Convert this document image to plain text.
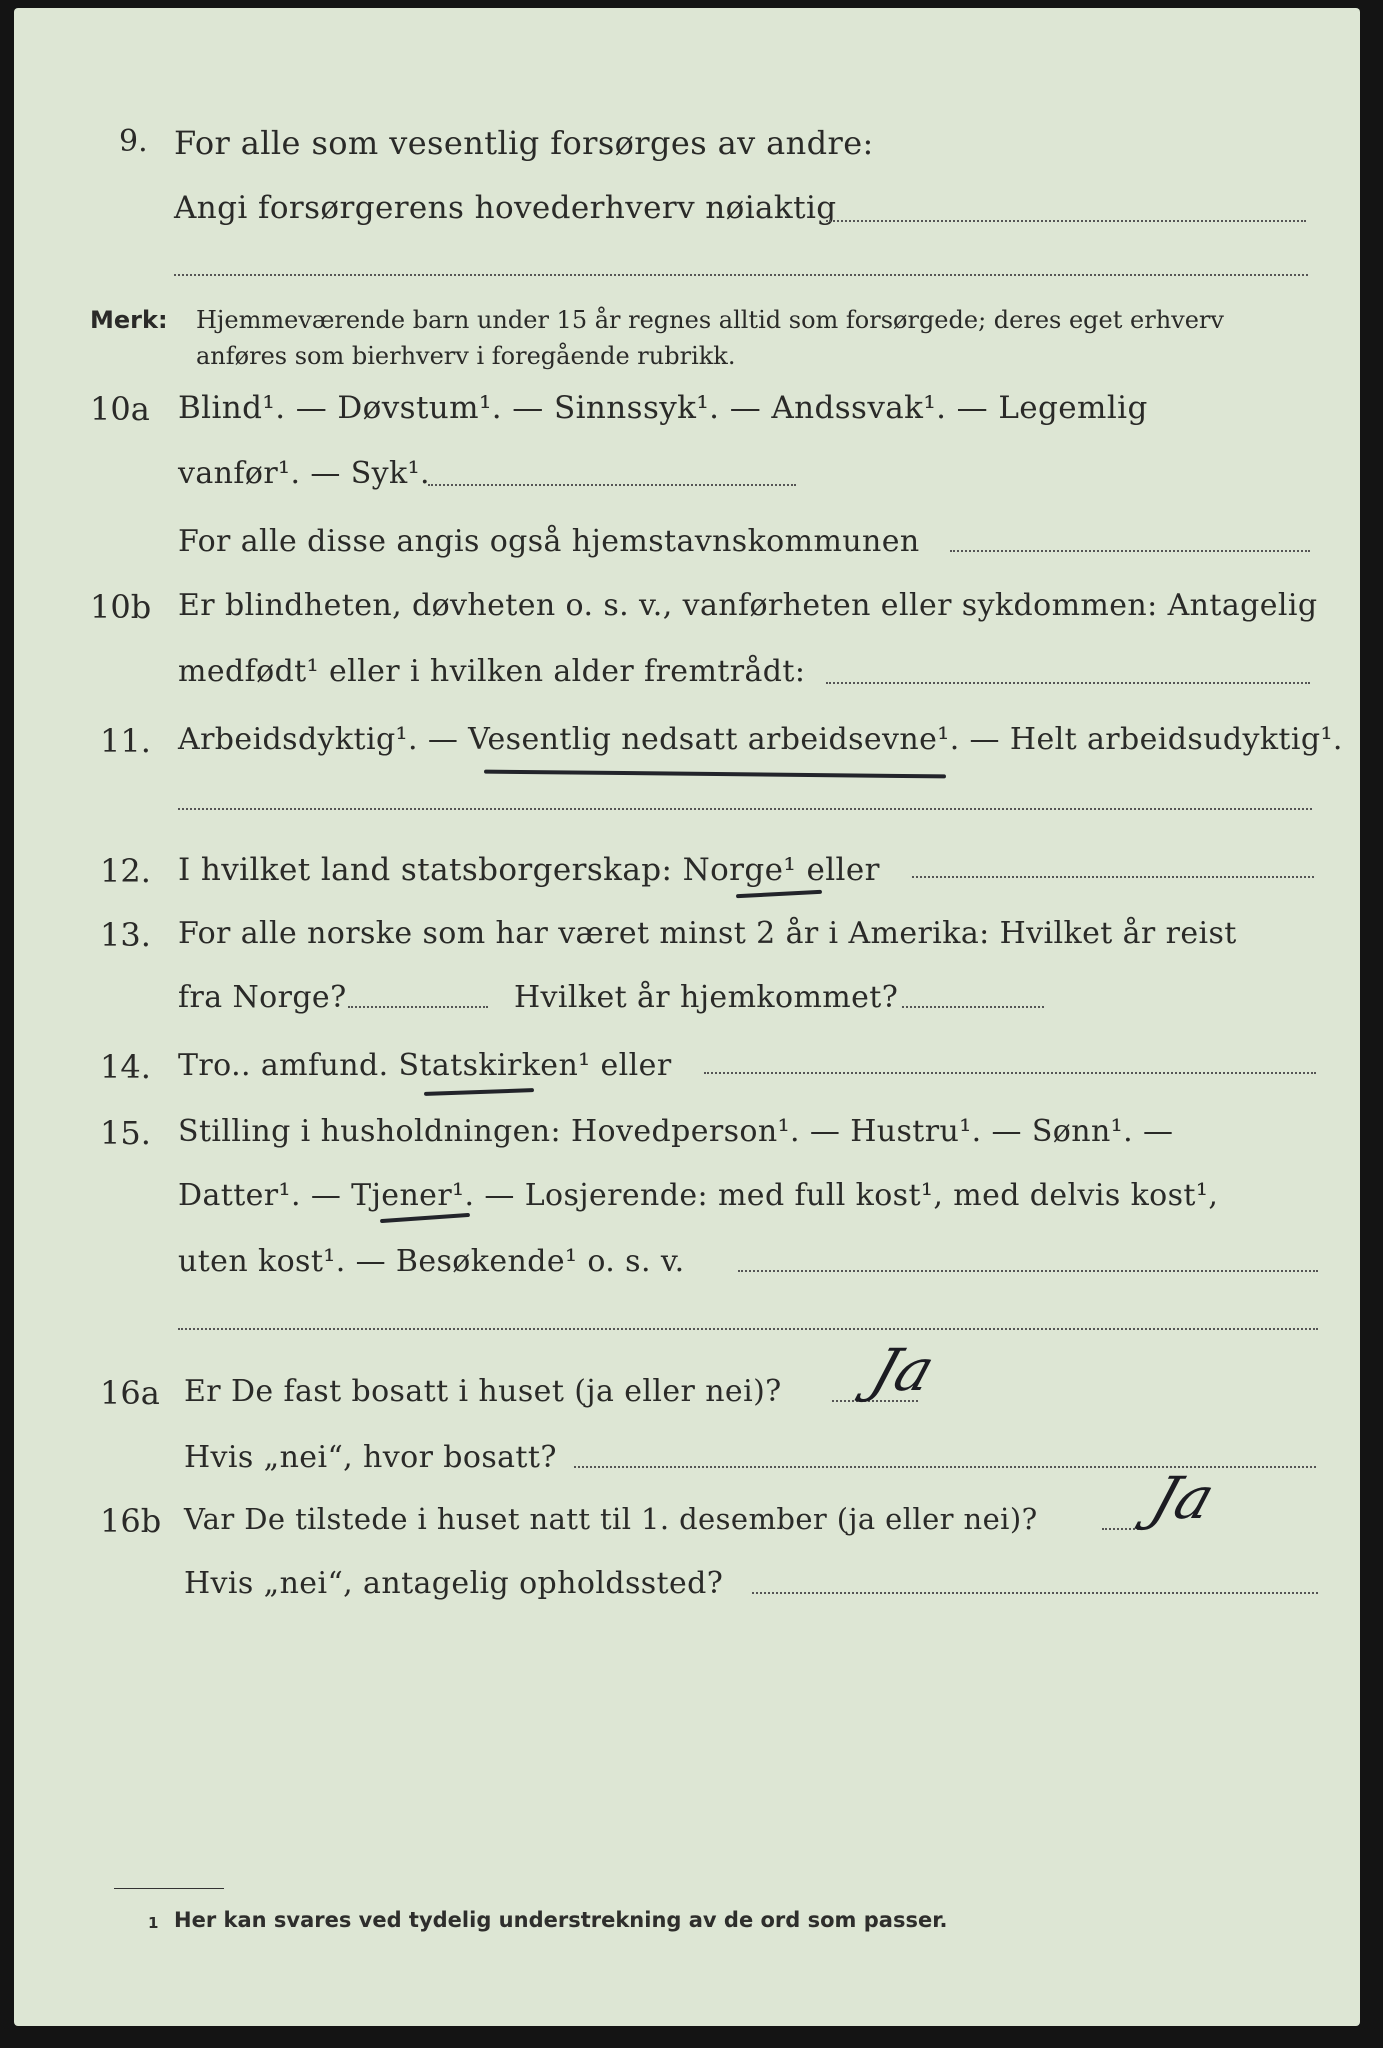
9. For alle som vesentlig forsørges av andre:
Angi forsørgerens hovederhverv nøiaktig
Merk: Hjemmeværende barn under 15 år regnes alltid som forsørgede; deres eget erhverv
anføres som bierhverv i foregående rubrikk.
10a Blind¹. — Døvstum¹. — Sinnssyk¹. — Andssvak¹. — Legemlig
vanfør¹. — Syk¹.
For alle disse angis også hjemstavnskommunen
10b Er blindheten, døvheten o. s. v., vanførheten eller sykdommen: Antagelig
medfødt¹ eller i hvilken alder fremtrådt:
11. Arbeidsdyktig¹. — Vesentlig nedsatt arbeidsevne¹. — Helt arbeidsudyktig¹.
12. I hvilket land statsborgerskap: Norge¹ eller
13. For alle norske som har været minst 2 år i Amerika: Hvilket år reist
fra Norge?	Hvilket år hjemkommet?
14. Tro.. amfund. Statskirken¹ eller
15. Stilling i husholdningen: Hovedperson¹. — Hustru¹. — Sønn¹. —
Datter¹. — Tjener¹. — Losjerende: med full kost¹, med delvis kost¹,
uten kost¹. — Besøkende¹ o. s. v.
16a Er De fast bosatt i huset (ja eller nei)? Ja
Hvis „nei“, hvor bosatt?
16b Var De tilstede i huset natt til 1. desember (ja eller nei)? Ja
Hvis „nei“, antagelig opholdssted?
1 Her kan svares ved tydelig understrekning av de ord som passer.
